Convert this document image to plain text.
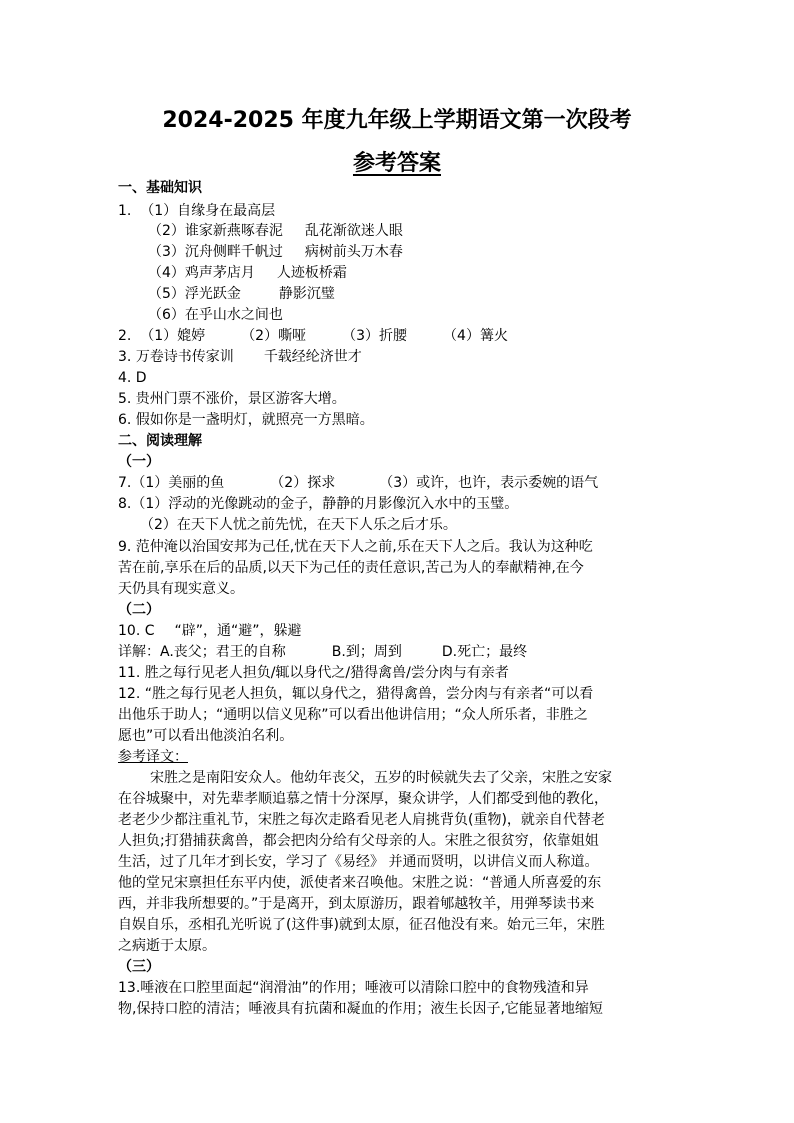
2024-2025 年度九年级上学期语文第一次段考
参考答案
一、基础知识
1. （1）自缘身在最高层
（2）谁家新燕啄春泥 乱花渐欲迷人眼
（3）沉舟侧畔千帆过 病树前头万木春
（4）鸡声茅店月 人迹板桥霜
（5）浮光跃金	静影沉璧
（6）在乎山水之间也
2. （1）媲婷	（2）嘶哑	（3）折腰	（4）篝火
3. 万卷诗书传家训 千载经纶济世才
4. D
5. 贵州门票不涨价，景区游客大增。
6. 假如你是一盏明灯，就照亮一方黑暗。
二、阅读理解
（一）
7.（1）美丽的鱼	（2）探求	（3）或许，也许，表示委婉的语气
8.（1）浮动的光像跳动的金子，静静的月影像沉入水中的玉璧。
（2）在天下人忧之前先忧，在天下人乐之后才乐。
9. 范仲淹以治国安邦为己任,忧在天下人之前,乐在天下人之后。我认为这种吃
苦在前,享乐在后的品质,以天下为己任的责任意识,苦己为人的奉献精神,在今
天仍具有现实意义。
（二）
10. C “辟”，通“避”，躲避
详解：A.丧父；君王的自称	B.到；周到	D.死亡；最终
11. 胜之每行见老人担负/辄以身代之/猎得禽兽/尝分肉与有亲者
12. “胜之每行见老人担负，辄以身代之，猎得禽兽，尝分肉与有亲者“可以看
出他乐于助人；“通明以信义见称”可以看出他讲信用；“众人所乐者，非胜之
愿也”可以看出他淡泊名利。
参考译文：
宋胜之是南阳安众人。他幼年丧父，五岁的时候就失去了父亲，宋胜之安家
在谷城聚中，对先辈孝顺追慕之情十分深厚，聚众讲学，人们都受到他的教化，
老老少少都注重礼节，宋胜之每次走路看见老人肩挑背负(重物)，就亲自代替老
人担负;打猎捕获禽兽，都会把肉分给有父母亲的人。宋胜之很贫穷，依靠姐姐
生活，过了几年才到长安，学习了《易经》 并通而贤明，以讲信义而人称道。
他的堂兄宋禀担任东平内使，派使者来召唤他。宋胜之说：“普通人所喜爱的东
西，并非我所想要的。”于是离开，到太原游历，跟着郇越牧羊，用弹琴读书来
自娱自乐，丞相孔光听说了(这件事)就到太原，征召他没有来。始元三年，宋胜
之病逝于太原。
（三）
13.唾液在口腔里面起“润滑油”的作用；唾液可以清除口腔中的食物残渣和异
物,保持口腔的清洁；唾液具有抗菌和凝血的作用；液生长因子,它能显著地缩短
